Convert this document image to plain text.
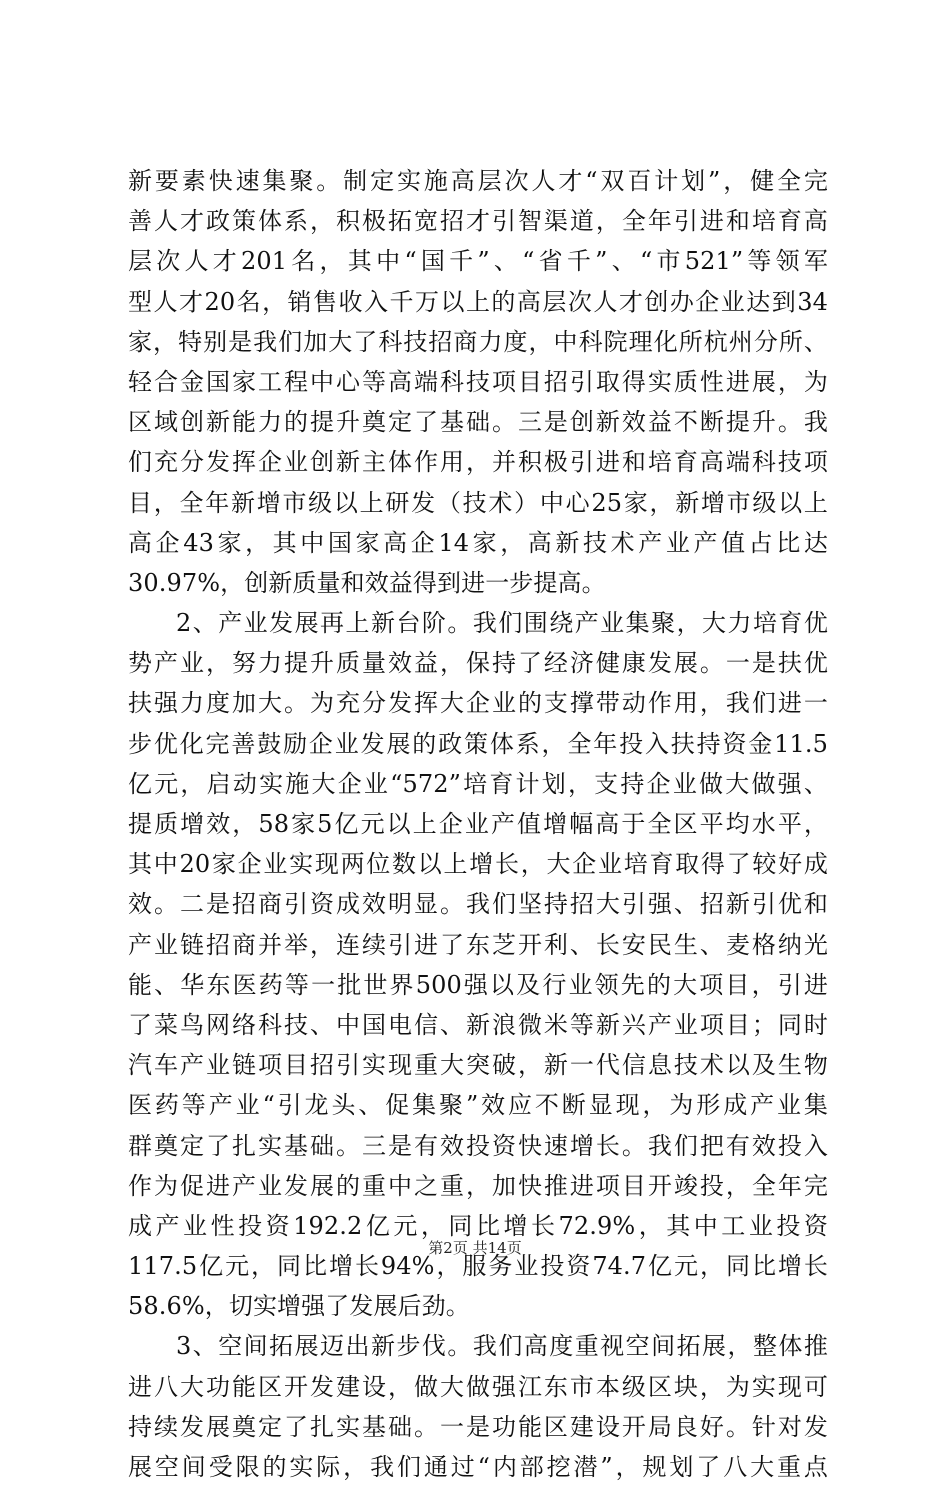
新要素快速集聚。制定实施高层次人才“双百计划”，健全完
善人才政策体系，积极拓宽招才引智渠道，全年引进和培育高
层次人才201名，其中“国千”、“省千”、“市521”等领军
型人才20名，销售收入千万以上的高层次人才创办企业达到34
家，特别是我们加大了科技招商力度，中科院理化所杭州分所、
轻合金国家工程中心等高端科技项目招引取得实质性进展，为
区域创新能力的提升奠定了基础。三是创新效益不断提升。我
们充分发挥企业创新主体作用，并积极引进和培育高端科技项
目，全年新增市级以上研发（技术）中心25家，新增市级以上
高企43家，其中国家高企14家，高新技术产业产值占比达
30.97%，创新质量和效益得到进一步提高。
2、产业发展再上新台阶。我们围绕产业集聚，大力培育优
势产业，努力提升质量效益，保持了经济健康发展。一是扶优
扶强力度加大。为充分发挥大企业的支撑带动作用，我们进一
步优化完善鼓励企业发展的政策体系，全年投入扶持资金11.5
亿元，启动实施大企业“572”培育计划，支持企业做大做强、
提质增效，58家5亿元以上企业产值增幅高于全区平均水平，
其中20家企业实现两位数以上增长，大企业培育取得了较好成
效。二是招商引资成效明显。我们坚持招大引强、招新引优和
产业链招商并举，连续引进了东芝开利、长安民生、麦格纳光
能、华东医药等一批世界500强以及行业领先的大项目，引进
了菜鸟网络科技、中国电信、新浪微米等新兴产业项目；同时
汽车产业链项目招引实现重大突破，新一代信息技术以及生物
医药等产业“引龙头、促集聚”效应不断显现，为形成产业集
群奠定了扎实基础。三是有效投资快速增长。我们把有效投入
作为促进产业发展的重中之重，加快推进项目开竣投，全年完
成产业性投资192.2亿元，同比增长72.9%，其中工业投资
117.5亿元，同比增长94%，服务业投资74.7亿元，同比增长
58.6%，切实增强了发展后劲。
3、空间拓展迈出新步伐。我们高度重视空间拓展，整体推
进八大功能区开发建设，做大做强江东市本级区块，为实现可
持续发展奠定了扎实基础。一是功能区建设开局良好。针对发
展空间受限的实际，我们通过“内部挖潜”，规划了八大重点
第2页 共14页
